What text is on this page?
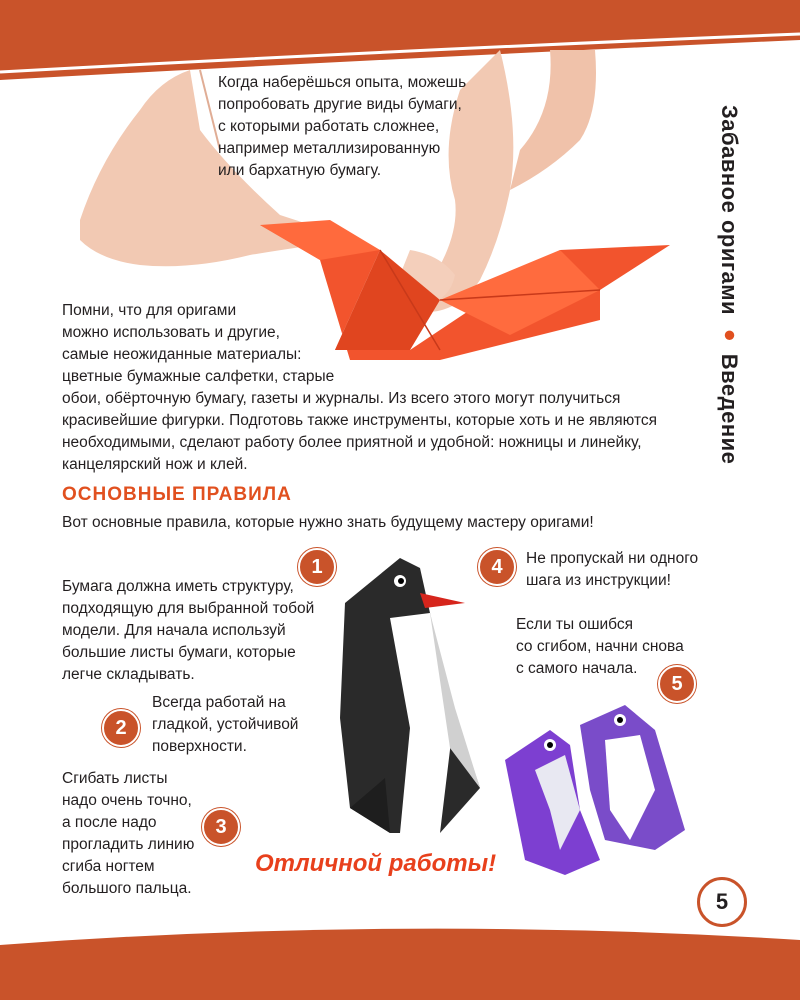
Когда наберёшься опыта, можешь
попробовать другие виды бумаги,
с которыми работать сложнее,
например металлизированную
или бархатную бумагу.
Помни, что для оригами
можно использовать и другие,
самые неожиданные материалы:
цветные бумажные салфетки, старые
обои, обёрточную бумагу, газеты и журналы. Из всего этого могут получиться
красивейшие фигурки. Подготовь также инструменты, которые хоть и не являются
необходимыми, сделают работу более приятной и удобной: ножницы и линейку,
канцелярский нож и клей.
Забавное оригами ● Введение
ОСНОВНЫЕ ПРАВИЛА
Вот основные правила, которые нужно знать будущему мастеру оригами!
1
Бумага должна иметь структуру,
подходящую для выбранной тобой
модели. Для начала используй
большие листы бумаги, которые
легче складывать.
2
Всегда работай на
гладкой, устойчивой
поверхности.
3
Сгибать листы
надо очень точно,
а после надо
прогладить линию
сгиба ногтем
большого пальца.
4	Не пропускай ни одного
шага из инструкции!
5
Если ты ошибся
со сгибом, начни снова
с самого начала.
Отличной работы!
5
